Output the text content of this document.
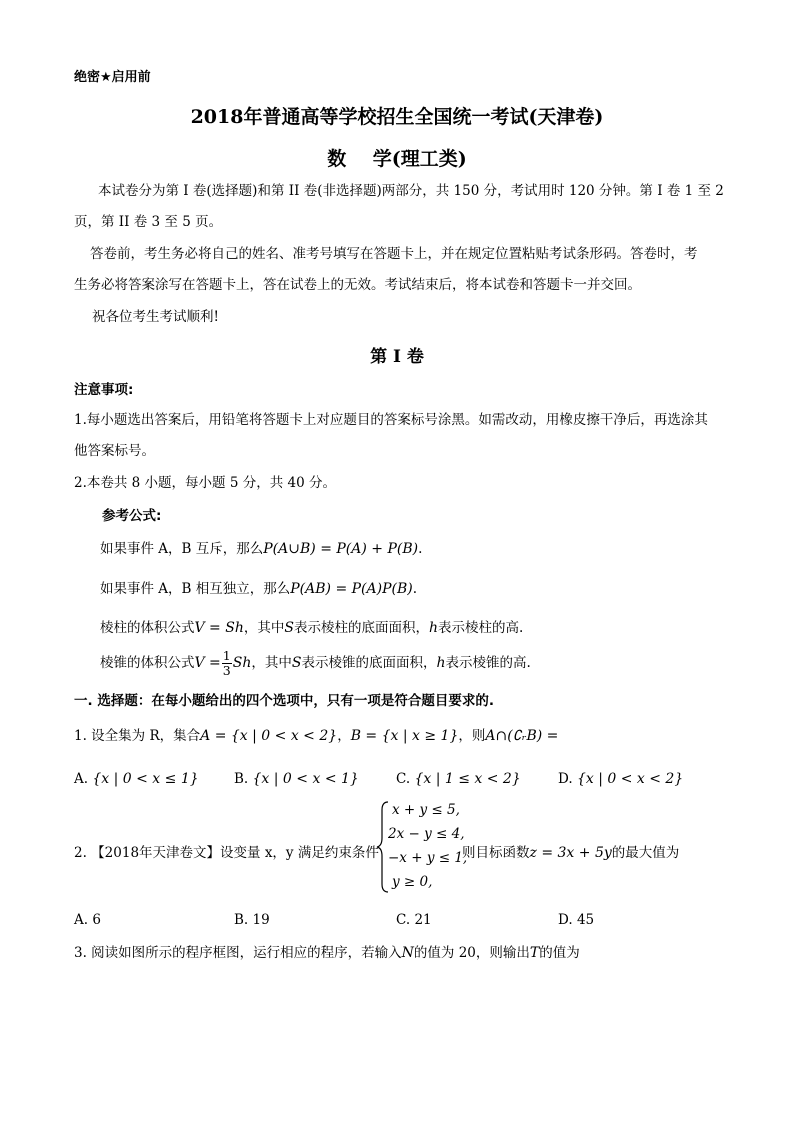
绝密★启用前
2018年普通高等学校招生全国统一考试(天津卷)
数    学(理工类)
本试卷分为第 I 卷(选择题)和第 II 卷(非选择题)两部分，共 150 分，考试用时 120 分钟。第 I 卷 1 至 2
页，第 II 卷 3 至 5 页。
答卷前，考生务必将自己的姓名、准考号填写在答题卡上，并在规定位置粘贴考试条形码。答卷时，考
生务必将答案涂写在答题卡上，答在试卷上的无效。考试结束后，将本试卷和答题卡一并交回。
祝各位考生考试顺利!
第 I 卷
注意事项:
1.每小题选出答案后，用铅笔将答题卡上对应题目的答案标号涂黑。如需改动，用橡皮擦干净后，再选涂其
他答案标号。
2.本卷共 8 小题，每小题 5 分，共 40 分。
参考公式:
如果事件 A，B 互斥，那么P(A∪B) = P(A) + P(B).
如果事件 A，B 相互独立，那么P(AB) = P(A)P(B).
棱柱的体积公式V = Sh，其中S表示棱柱的底面面积，h表示棱柱的高.
棱锥的体积公式$V = \frac{1}{3}$ Sh，其中S表示棱锥的底面面积，h表示棱锥的高.
一. 选择题：在每小题给出的四个选项中，只有一项是符合题目要求的.
1. 设全集为 R，集合A = {x | 0 < x < 2}，B = {x | x ≥ 1}，则A∩(∁ᵣB) =
A. {x | 0 < x ≤ 1}	B. {x | 0 < x < 1}	C. {x | 1 ≤ x < 2}	D. {x | 0 < x < 2}
2. 【2018年天津卷文】设变量 x，y 满足约束条件
x + y ≤ 5,
2x − y ≤ 4,
−x + y ≤ 1,
y ≥ 0,
则目标函数z = 3x + 5y的最大值为
A. 6	B. 19	C. 21	D. 45
3. 阅读如图所示的程序框图，运行相应的程序，若输入N的值为 20，则输出T的值为
